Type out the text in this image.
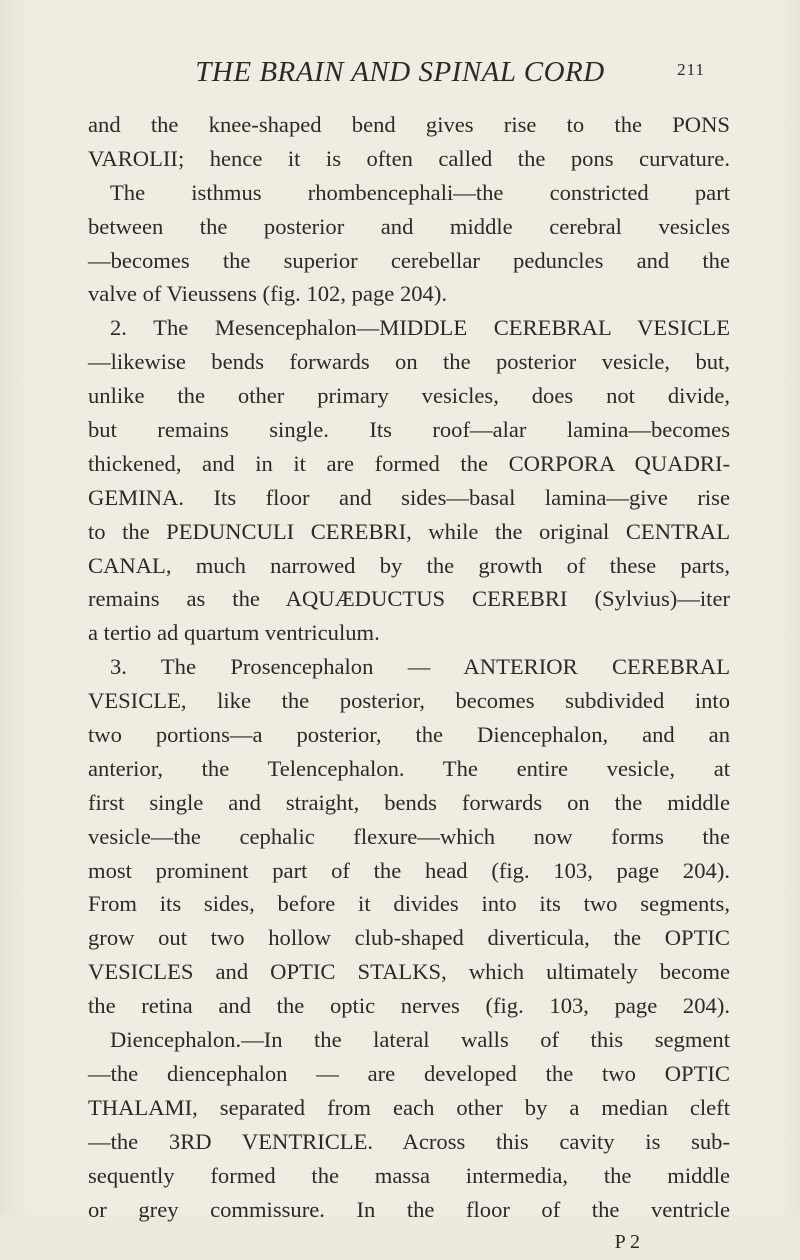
THE BRAIN AND SPINAL CORD	211
and the knee-shaped bend gives rise to the PONS
VAROLII; hence it is often called the pons curvature.
The isthmus rhombencephali—the constricted part
between the posterior and middle cerebral vesicles
—becomes the superior cerebellar peduncles and the
valve of Vieussens (fig. 102, page 204).
2. The Mesencephalon—MIDDLE CEREBRAL VESICLE
—likewise bends forwards on the posterior vesicle, but,
unlike the other primary vesicles, does not divide,
but remains single. Its roof—alar lamina—becomes
thickened, and in it are formed the CORPORA QUADRI-
GEMINA. Its floor and sides—basal lamina—give rise
to the PEDUNCULI CEREBRI, while the original CENTRAL
CANAL, much narrowed by the growth of these parts,
remains as the AQUÆDUCTUS CEREBRI (Sylvius)—iter
a tertio ad quartum ventriculum.
3. The Prosencephalon — ANTERIOR CEREBRAL
VESICLE, like the posterior, becomes subdivided into
two portions—a posterior, the Diencephalon, and an
anterior, the Telencephalon. The entire vesicle, at
first single and straight, bends forwards on the middle
vesicle—the cephalic flexure—which now forms the
most prominent part of the head (fig. 103, page 204).
From its sides, before it divides into its two segments,
grow out two hollow club-shaped diverticula, the OPTIC
VESICLES and OPTIC STALKS, which ultimately become
the retina and the optic nerves (fig. 103, page 204).
Diencephalon.—In the lateral walls of this segment
—the diencephalon — are developed the two OPTIC
THALAMI, separated from each other by a median cleft
—the 3RD VENTRICLE. Across this cavity is sub-
sequently formed the massa intermedia, the middle
or grey commissure. In the floor of the ventricle
P 2
